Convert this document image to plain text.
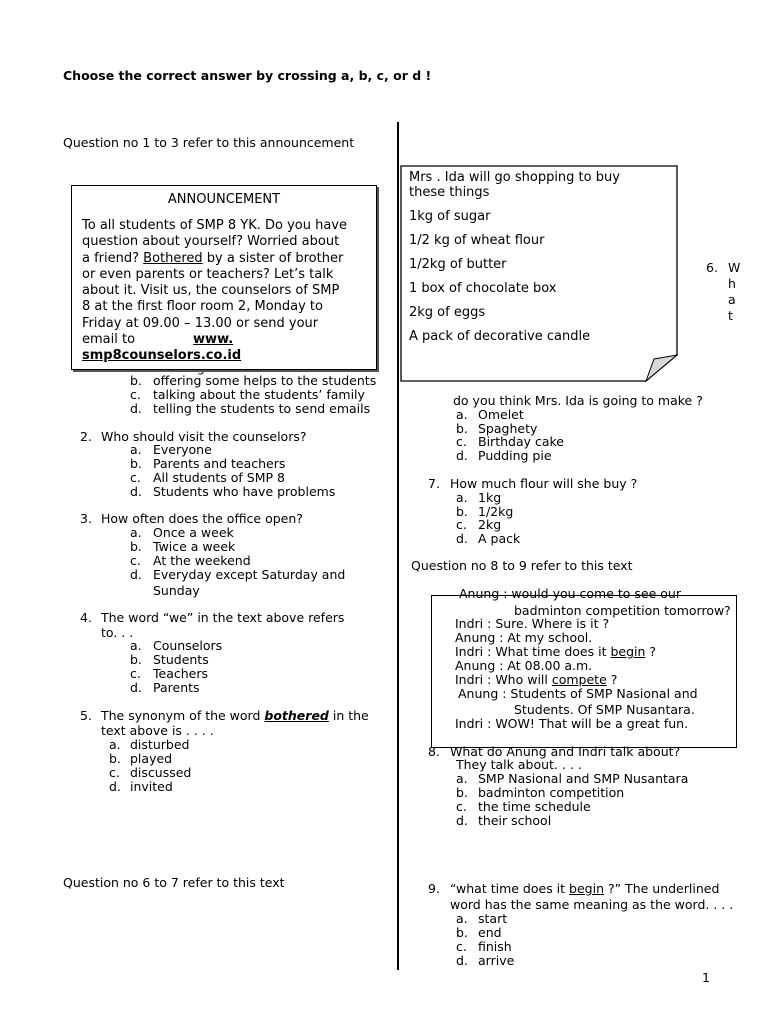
Choose the correct answer by crossing a, b, c, or d !
Question no 1 to 3 refer to this announcement
b. offering some helps to the students
c. talking about the students’ family
d. telling the students to send emails
ANNOUNCEMENT
To all students of SMP 8 YK. Do you have
question about yourself? Worried about
a friend? Bothered by a sister of brother
or even parents or teachers? Let’s talk
about it. Visit us, the counselors of SMP
8 at the first floor room 2, Monday to
Friday at 09.00 – 13.00 or send your
email to	www.
smp8counselors.co.id
2. Who should visit the counselors?
a. Everyone
b. Parents and teachers
c. All students of SMP 8
d. Students who have problems
3. How often does the office open?
a. Once a week
b. Twice a week
c. At the weekend
d. Everyday except Saturday and
Sunday
4. The word “we” in the text above refers
to. . .
a. Counselors
b. Students
c. Teachers
d. Parents
5. The synonym of the word bothered in the
text above is . . . .
a. disturbed
b. played
c. discussed
d. invited
Question no 6 to 7 refer to this text
Mrs . Ida will go shopping to buy
these things
1kg of sugar
1/2 kg of wheat flour
1/2kg of butter
1 box of chocolate box
2kg of eggs
A pack of decorative candle
6. W
h
a
t
do you think Mrs. Ida is going to make ?
a. Omelet
b. Spaghety
c. Birthday cake
d. Pudding pie
7. How much flour will she buy ?
a. 1kg
b. 1/2kg
c. 2kg
d. A pack
Question no 8 to 9 refer to this text
Anung : would you come to see our
badminton competition tomorrow?
Indri : Sure. Where is it ?
Anung : At my school.
Indri : What time does it begin ?
Anung : At 08.00 a.m.
Indri : Who will compete ?
Anung : Students of SMP Nasional and
Students. Of SMP Nusantara.
Indri : WOW! That will be a great fun.
8. What do Anung and Indri talk about?
They talk about. . . .
a. SMP Nasional and SMP Nusantara
b. badminton competition
c. the time schedule
d. their school
9. “what time does it begin ?” The underlined
word has the same meaning as the word. . . .
a. start
b. end
c. finish
d. arrive
1
